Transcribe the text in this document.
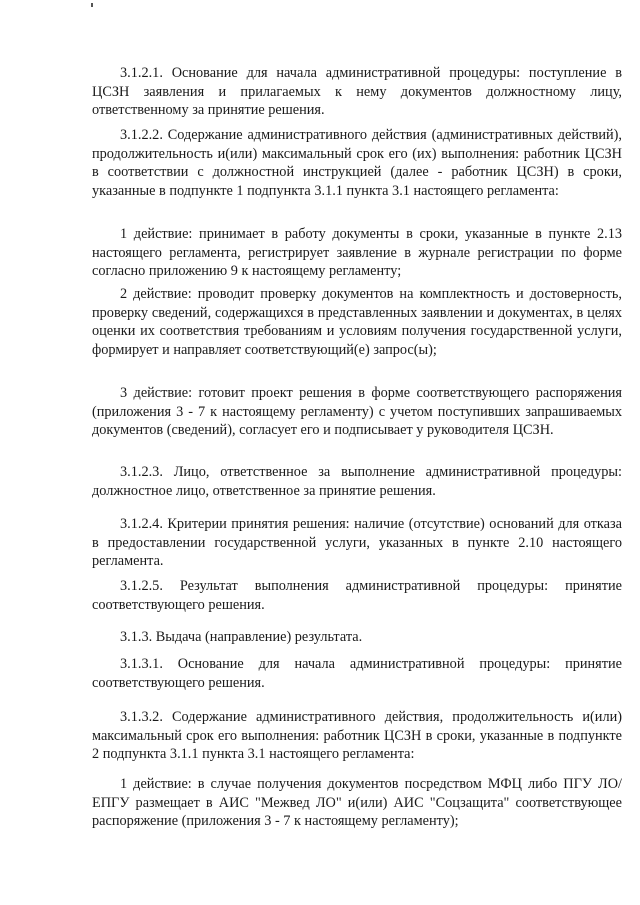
3.1.2.1. Основание для начала административной процедуры: поступление в ЦСЗН заявления и прилагаемых к нему документов должностному лицу, ответственному за принятие решения.

3.1.2.2. Содержание административного действия (административных действий), продолжительность и(или) максимальный срок его (их) выполнения: работник ЦСЗН в соответствии с должностной инструкцией (далее - работник ЦСЗН) в сроки, указанные в подпункте 1 подпункта 3.1.1 пункта 3.1 настоящего регламента:

1 действие: принимает в работу документы в сроки, указанные в пункте 2.13 настоящего регламента, регистрирует заявление в журнале регистрации по форме согласно приложению 9 к настоящему регламенту;

2 действие: проводит проверку документов на комплектность и достоверность, проверку сведений, содержащихся в представленных заявлении и документах, в целях оценки их соответствия требованиям и условиям получения государственной услуги, формирует и направляет соответствующий(е) запрос(ы);

3 действие: готовит проект решения в форме соответствующего распоряжения (приложения 3 - 7 к настоящему регламенту) с учетом поступивших запрашиваемых документов (сведений), согласует его и подписывает у руководителя ЦСЗН.

3.1.2.3. Лицо, ответственное за выполнение административной процедуры: должностное лицо, ответственное за принятие решения.

3.1.2.4. Критерии принятия решения: наличие (отсутствие) оснований для отказа в предоставлении государственной услуги, указанных в пункте 2.10 настоящего регламента.

3.1.2.5. Результат выполнения административной процедуры: принятие соответствующего решения.

3.1.3. Выдача (направление) результата.

3.1.3.1. Основание для начала административной процедуры: принятие соответствующего решения.

3.1.3.2. Содержание административного действия, продолжительность и(или) максимальный срок его выполнения: работник ЦСЗН в сроки, указанные в подпункте 2 подпункта 3.1.1 пункта 3.1 настоящего регламента:

1 действие: в случае получения документов посредством МФЦ либо ПГУ ЛО/ЕПГУ размещает в АИС "Межвед ЛО" и(или) АИС "Соцзащита" соответствующее распоряжение (приложения 3 - 7 к настоящему регламенту);
